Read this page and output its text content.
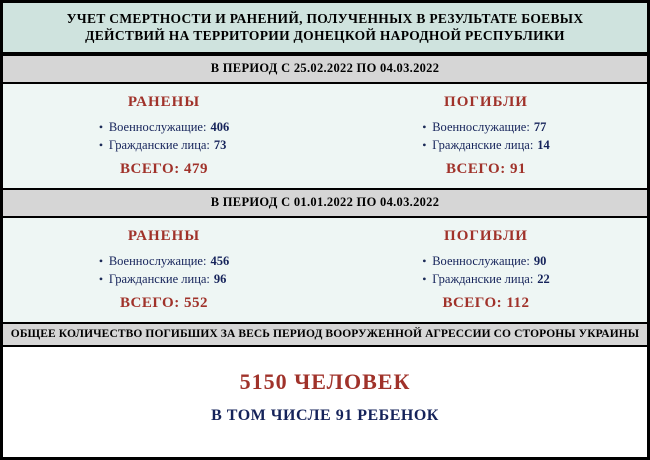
УЧЕТ СМЕРТНОСТИ И РАНЕНИЙ, ПОЛУЧЕННЫХ В РЕЗУЛЬТАТЕ БОЕВЫХ
ДЕЙСТВИЙ НА ТЕРРИТОРИИ ДОНЕЦКОЙ НАРОДНОЙ РЕСПУБЛИКИ
В ПЕРИОД С 25.02.2022 ПО 04.03.2022
РАНЕНЫ
• Военнослужащие: 406
• Гражданские лица: 73
ВСЕГО: 479
ПОГИБЛИ
• Военнослужащие: 77
• Гражданские лица: 14
ВСЕГО: 91
В ПЕРИОД С 01.01.2022 ПО 04.03.2022
РАНЕНЫ
• Военнослужащие: 456
• Гражданские лица: 96
ВСЕГО: 552
ПОГИБЛИ
• Военнослужащие: 90
• Гражданские лица: 22
ВСЕГО: 112
ОБЩЕЕ КОЛИЧЕСТВО ПОГИБШИХ ЗА ВЕСЬ ПЕРИОД ВООРУЖЕННОЙ АГРЕССИИ СО СТОРОНЫ УКРАИНЫ
5150 ЧЕЛОВЕК
В ТОМ ЧИСЛЕ 91 РЕБЕНОК
